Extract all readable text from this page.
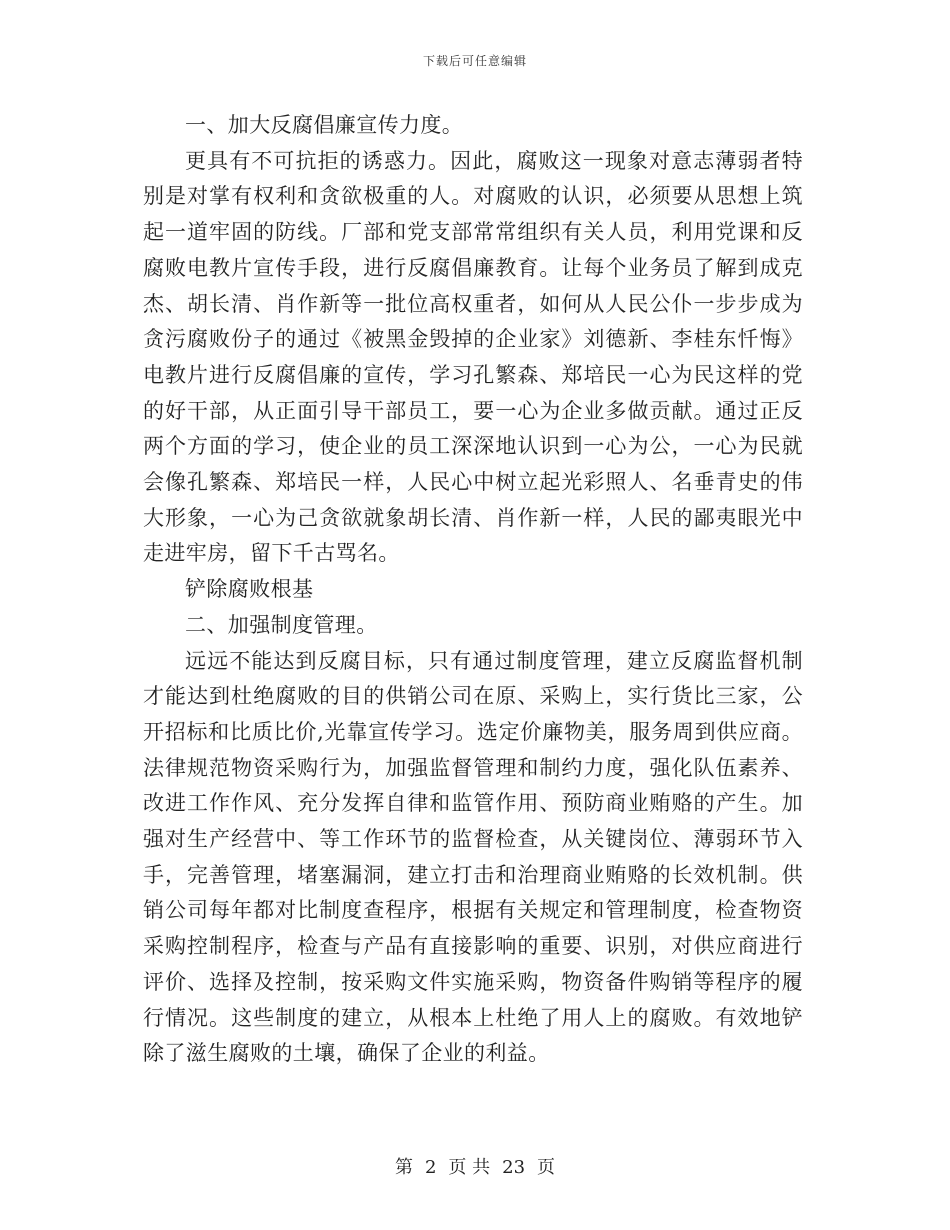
下载后可任意编辑

一、加大反腐倡廉宣传力度。

更具有不可抗拒的诱惑力。因此，腐败这一现象对意志薄弱者特别是对掌有权利和贪欲极重的人。对腐败的认识，必须要从思想上筑起一道牢固的防线。厂部和党支部常常组织有关人员，利用党课和反腐败电教片宣传手段，进行反腐倡廉教育。让每个业务员了解到成克杰、胡长清、肖作新等一批位高权重者，如何从人民公仆一步步成为贪污腐败份子的通过《被黑金毁掉的企业家》刘德新、李桂东忏悔》电教片进行反腐倡廉的宣传，学习孔繁森、郑培民一心为民这样的党的好干部，从正面引导干部员工，要一心为企业多做贡献。通过正反两个方面的学习，使企业的员工深深地认识到一心为公，一心为民就会像孔繁森、郑培民一样，人民心中树立起光彩照人、名垂青史的伟大形象，一心为己贪欲就象胡长清、肖作新一样，人民的鄙夷眼光中走进牢房，留下千古骂名。

铲除腐败根基

二、加强制度管理。

远远不能达到反腐目标，只有通过制度管理，建立反腐监督机制才能达到杜绝腐败的目的供销公司在原、采购上，实行货比三家，公开招标和比质比价,光靠宣传学习。选定价廉物美，服务周到供应商。法律规范物资采购行为，加强监督管理和制约力度，强化队伍素养、改进工作作风、充分发挥自律和监管作用、预防商业贿赂的产生。加强对生产经营中、等工作环节的监督检查，从关键岗位、薄弱环节入手，完善管理，堵塞漏洞，建立打击和治理商业贿赂的长效机制。供销公司每年都对比制度查程序，根据有关规定和管理制度，检查物资采购控制程序，检查与产品有直接影响的重要、识别，对供应商进行评价、选择及控制，按采购文件实施采购，物资备件购销等程序的履行情况。这些制度的建立，从根本上杜绝了用人上的腐败。有效地铲除了滋生腐败的土壤，确保了企业的利益。

第 2 页 共 23 页
